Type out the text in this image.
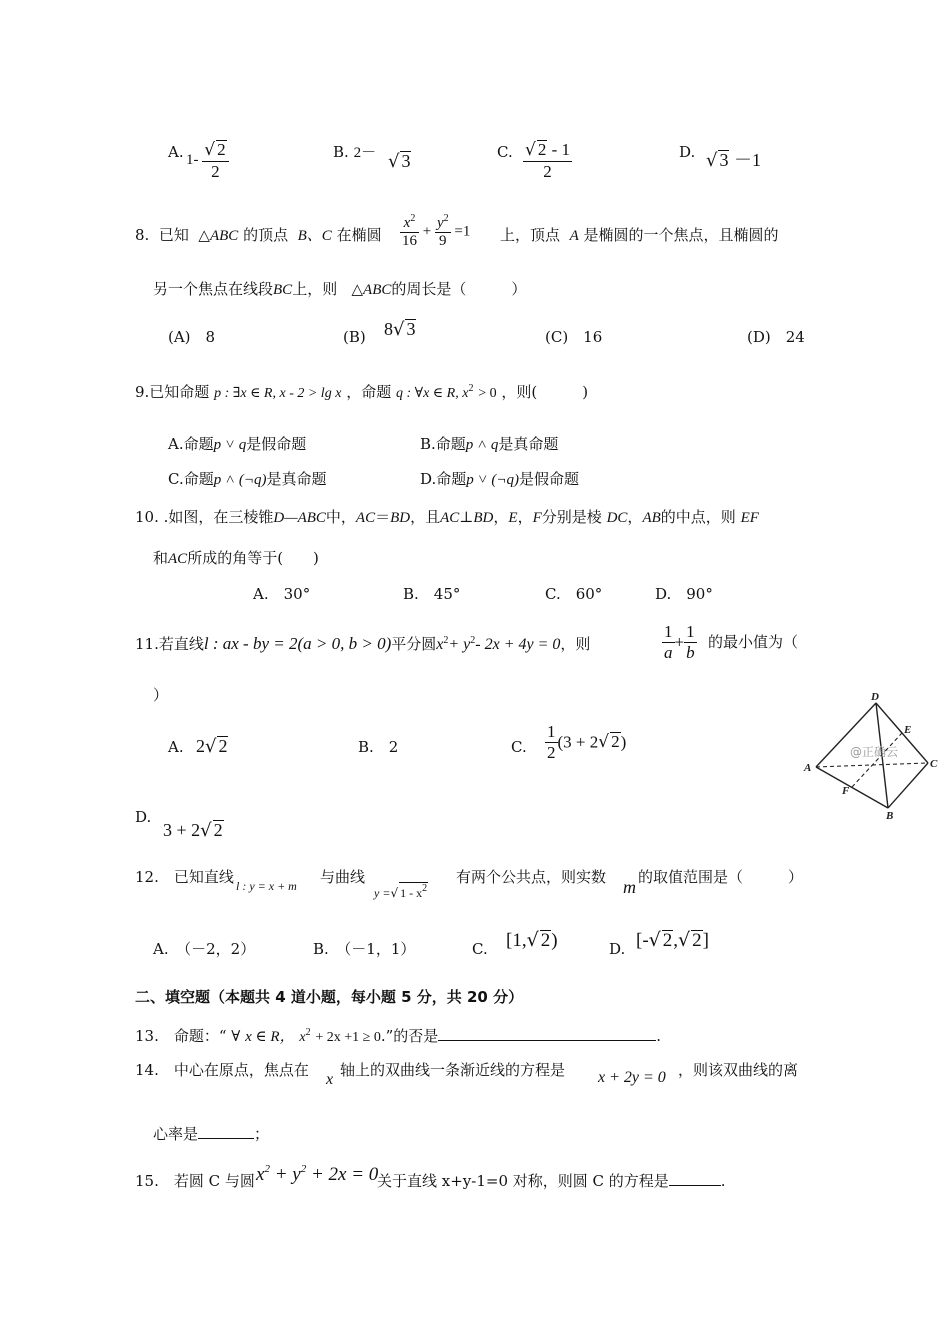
A. $1- \frac{√ 2}{2}$	B. 2－ √ 3	C. $\frac{√ 2 - 1}{2}$	D. √ 3 －1
8. 已知 △ABC 的顶点 B、C 在椭圆 $\frac{x^2}{16} + \frac{y^2}{9} =1$ 上，顶点 A 是椭圆的一个焦点，且椭圆的
另一个焦点在线段BC上，则 △ABC的周长是（　　　）
(A)　8	(B) 8√ 3	(C)　16	(D)　24
9.已知命题 p : ∃x ∈ R, x - 2 > lg x ，命题 q : ∀x ∈ R, $x^2 > 0$ ，则(　　　)
A.命题p ˅ q是假命题	B.命题p ˄ q是真命题
C.命题p ˄ (¬q)是真命题	D.命题p ˅ (¬q)是假命题
10. .如图，在三棱锥D—ABC中，AC＝BD，且AC⊥BD，E，F分别是棱 DC，AB的中点，则 EF
和AC所成的角等于(　　)
A.　30°	B.　45°	C.　60°	D.　90°
11.若直线l : ax - by = 2(a > 0, b > 0)平分圆$x^2+ y^2-$ 2x + 4y = 0，则	$\frac{1}{a} + \frac{1}{b}$ 的最小值为（
）
A. 2√ 2	B.　2	C. $\frac{1}{2} (3 + 2√$ 2)
D.
3 + 2√ 2
D
E
A	C
F
B
@正确云
12.　已知直线 l : y = x + m 与曲线
y =√ $1 - x^2$
有两个公共点，则实数 m 的取值范围是（　　　）
A.　（－2，2）	B.　（－1，1）	C. [1,√ 2)	D. [-√ 2,√ 2]
二、填空题（本题共 4 道小题，每小题 5 分，共 20 分）
13.　命题：“ ∀ x ∈ R， $x^2 + 2x +1 \ge 0$.”的否是	.
14.　中心在原点，焦点在
x
轴上的双曲线一条渐近线的方程是 x + 2y = 0 ，则该双曲线的离
心率是	；
15.　若圆 C 与圆 $x^2 + y^2 + 2x = 0$
关于直线 x+y-1=0 对称，则圆 C 的方程是	.
